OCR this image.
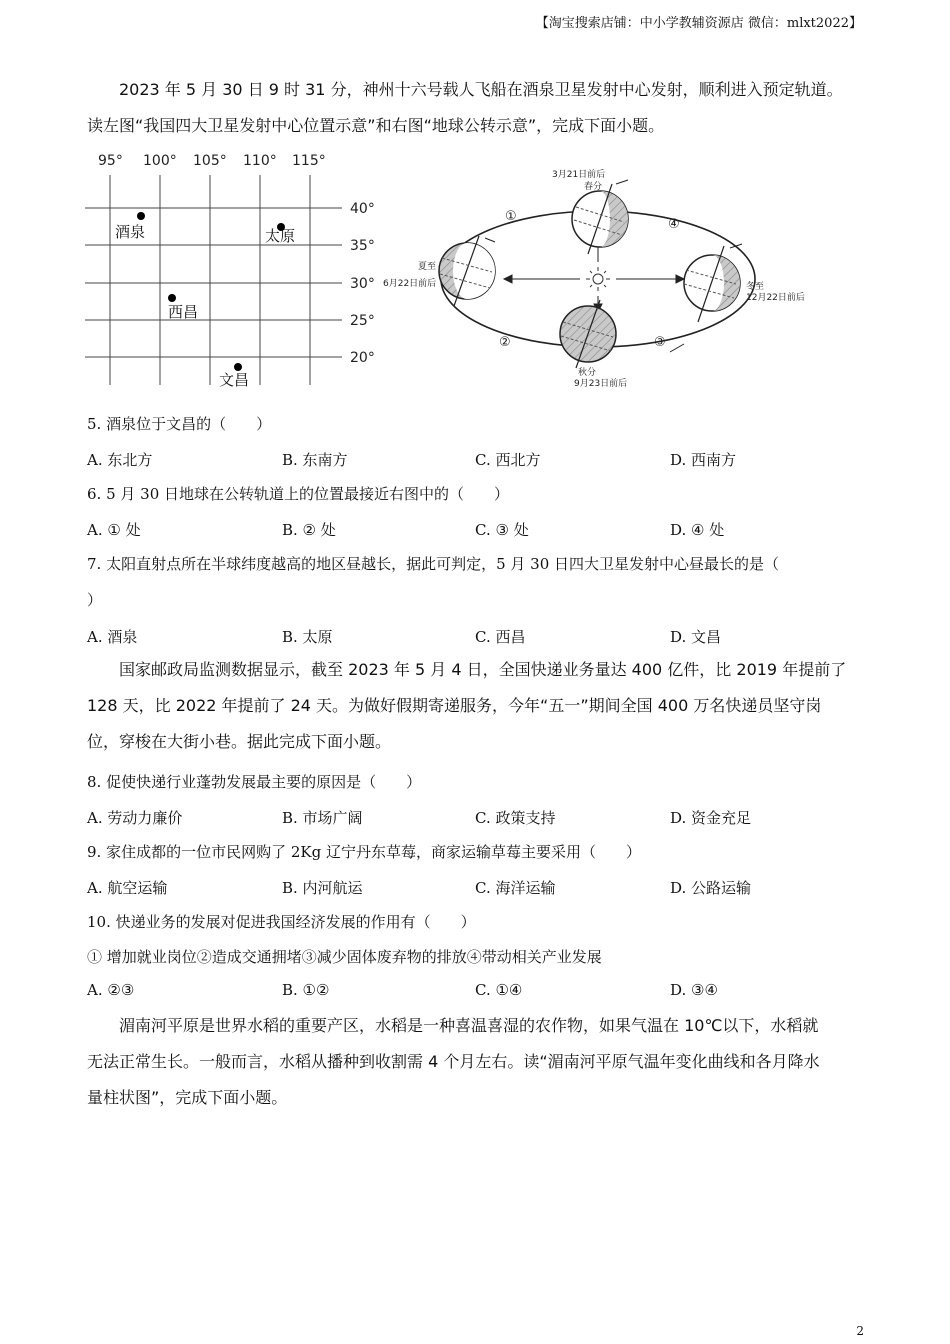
【淘宝搜索店铺：中小学教辅资源店 微信：mlxt2022】
2023 年 5 月 30 日 9 时 31 分，神州十六号载人飞船在酒泉卫星发射中心发射，顺利进入预定轨道。
读左图“我国四大卫星发射中心位置示意”和右图“地球公转示意”，完成下面小题。
95° 100° 105° 110° 115°
40°
35°
30°
25°
20°
酒泉	太原
西昌
文昌
3月21日前后
春分
夏至
6月22日前后	冬至
12月22日前后
秋分
9月23日前后
①
②	③
④
5. 酒泉位于文昌的（　　）
A. 东北方	B. 东南方	C. 西北方	D. 西南方
6. 5 月 30 日地球在公转轨道上的位置最接近右图中的（　　）
A. ① 处	B. ② 处	C. ③ 处	D. ④ 处
7. 太阳直射点所在半球纬度越高的地区昼越长，据此可判定，5 月 30 日四大卫星发射中心昼最长的是（
）
A. 酒泉	B. 太原	C. 西昌	D. 文昌
国家邮政局监测数据显示，截至 2023 年 5 月 4 日，全国快递业务量达 400 亿件，比 2019 年提前了
128 天，比 2022 年提前了 24 天。为做好假期寄递服务，今年“五一”期间全国 400 万名快递员坚守岗
位，穿梭在大街小巷。据此完成下面小题。
8. 促使快递行业蓬勃发展最主要的原因是（　　）
A. 劳动力廉价	B. 市场广阔	C. 政策支持	D. 资金充足
9. 家住成都的一位市民网购了 2Kg 辽宁丹东草莓，商家运输草莓主要采用（　　）
A. 航空运输	B. 内河航运	C. 海洋运输	D. 公路运输
10. 快递业务的发展对促进我国经济发展的作用有（　　）
① 增加就业岗位②造成交通拥堵③减少固体废弃物的排放④带动相关产业发展
A. ②③	B. ①②	C. ①④	D. ③④
湄南河平原是世界水稻的重要产区，水稻是一种喜温喜湿的农作物，如果气温在 10℃以下，水稻就
无法正常生长。一般而言，水稻从播种到收割需 4 个月左右。读“湄南河平原气温年变化曲线和各月降水
量柱状图”，完成下面小题。
2
